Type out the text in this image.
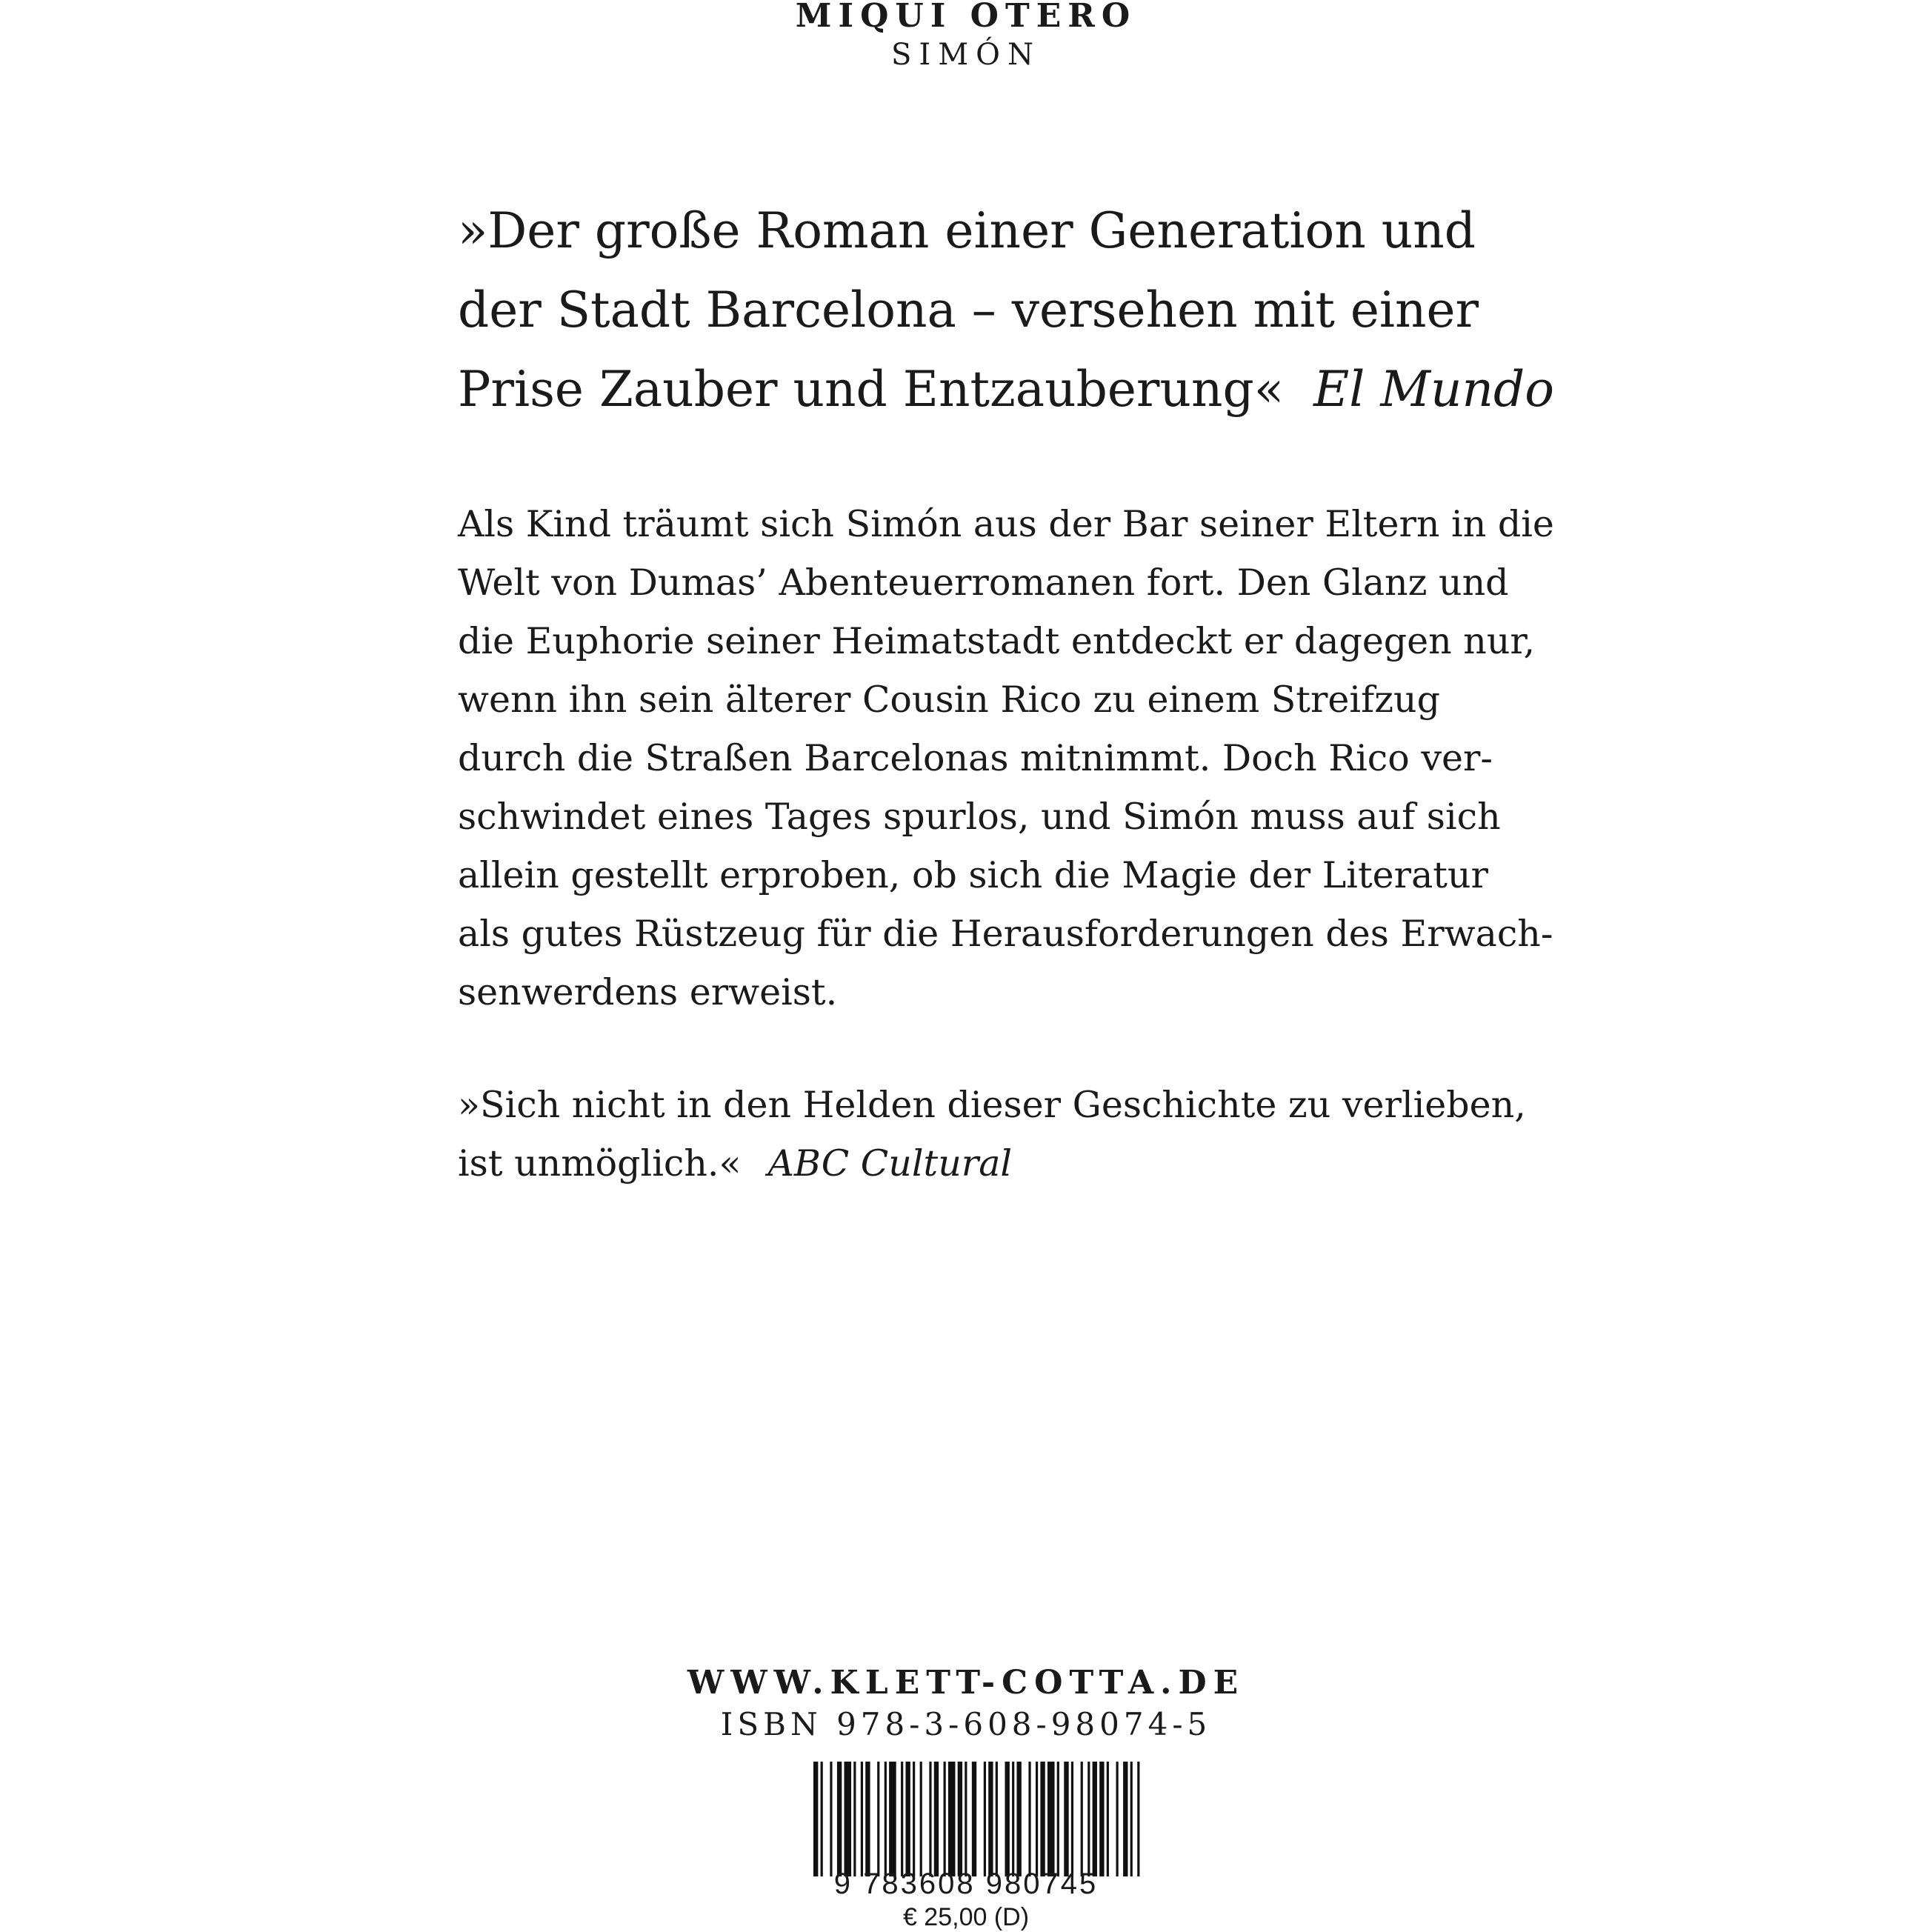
MIQUI OTERO
SIMÓN
»Der große Roman einer Generation und
der Stadt Barcelona – versehen mit einer
Prise Zauber und Entzauberung« El Mundo
Als Kind träumt sich Simón aus der Bar seiner Eltern in die
Welt von Dumas’ Abenteuerromanen fort. Den Glanz und
die Euphorie seiner Heimatstadt entdeckt er dagegen nur,
wenn ihn sein älterer Cousin Rico zu einem Streifzug
durch die Straßen Barcelonas mitnimmt. Doch Rico ver-
schwindet eines Tages spurlos, und Simón muss auf sich
allein gestellt erproben, ob sich die Magie der Literatur
als gutes Rüstzeug für die Herausforderungen des Erwach-
senwerdens erweist.
»Sich nicht in den Helden dieser Geschichte zu verlieben,
ist unmöglich.« ABC Cultural
WWW.KLETT-COTTA.DE
ISBN 978-3-608-98074-5
9 783608 980745
€ 25,00 (D)
